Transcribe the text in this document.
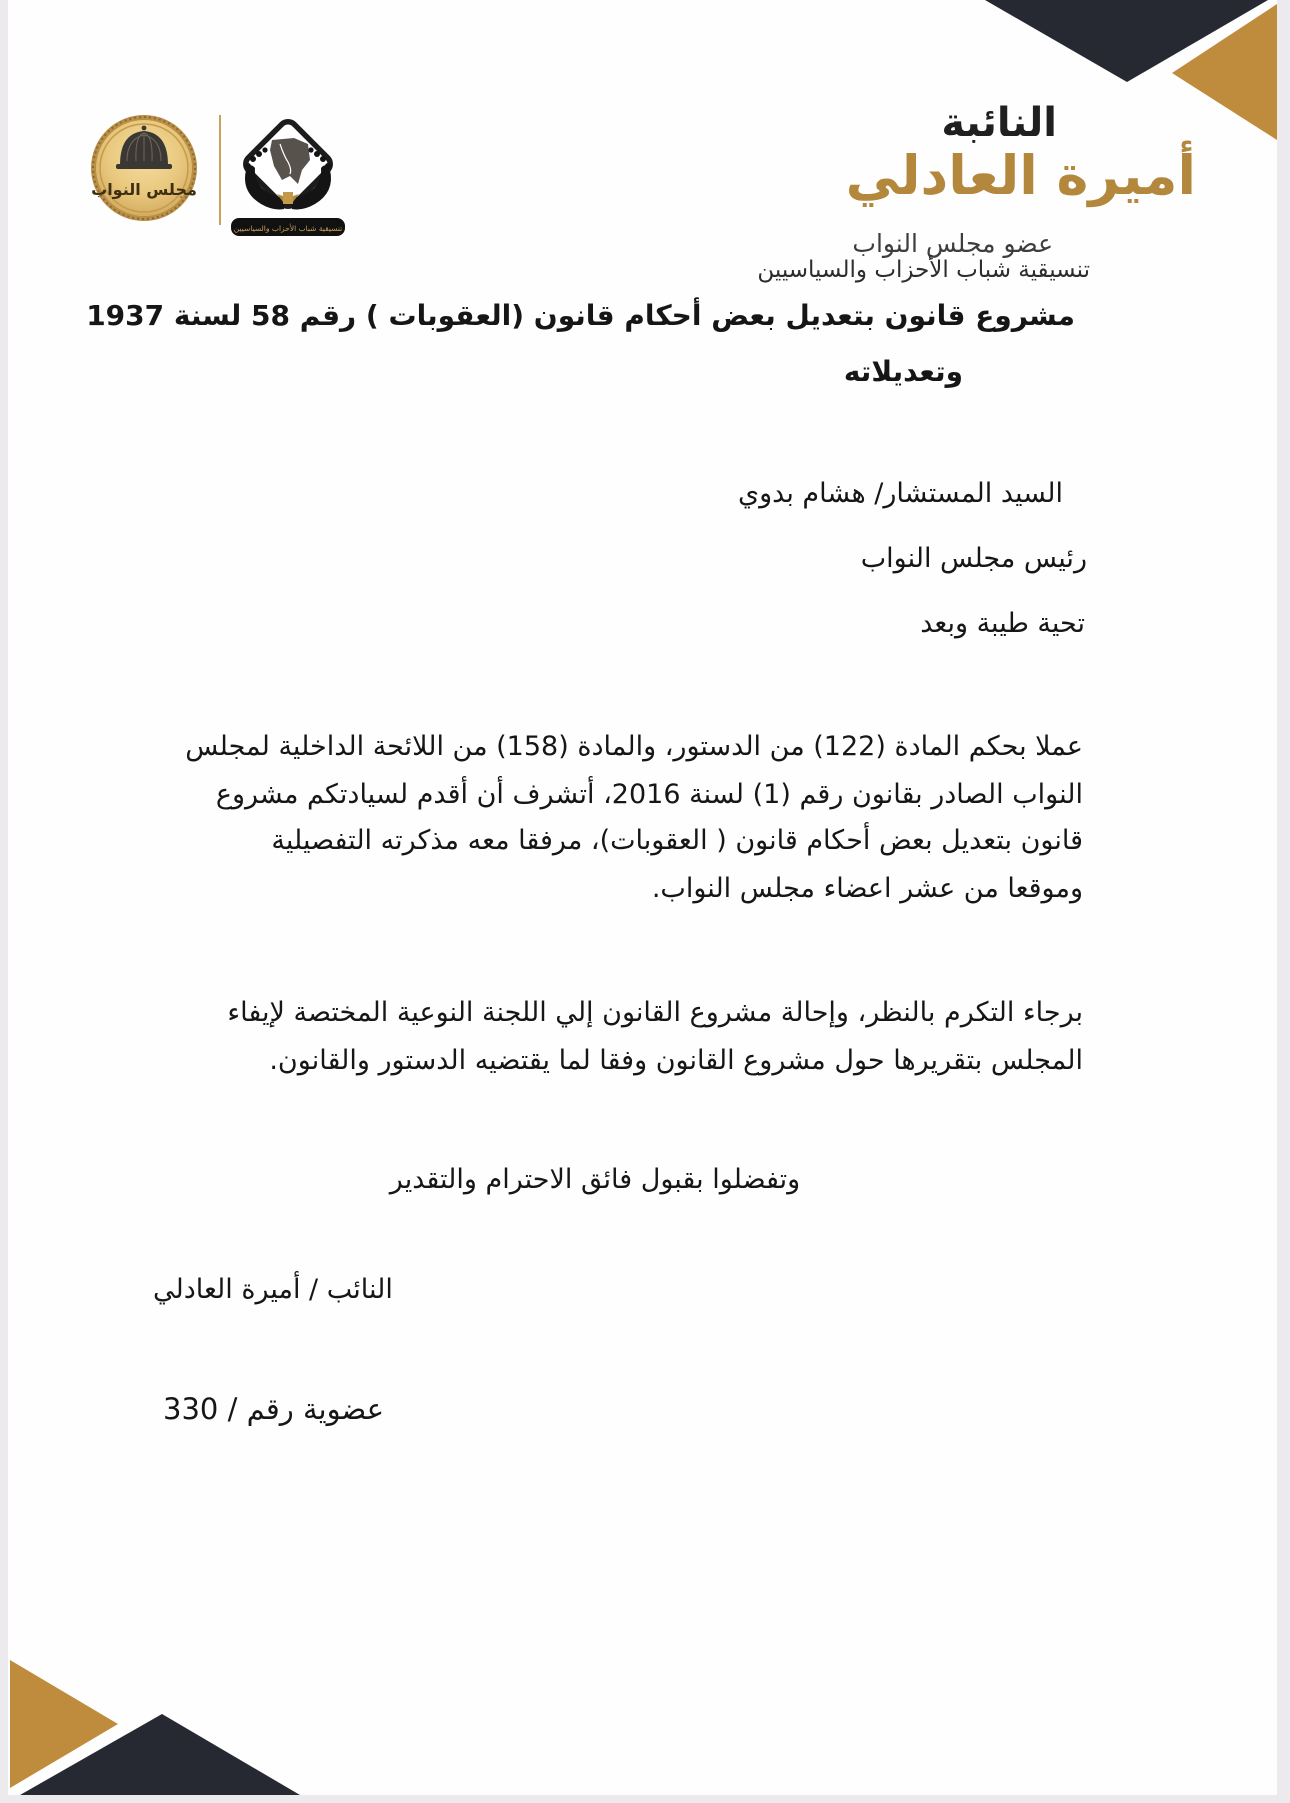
مجلس النواب
تنسيقية شباب الأحزاب والسياسيين
النائبة
أميرة العادلي
عضو مجلس النواب
تنسيقية شباب الأحزاب والسياسيين
مشروع قانون بتعديل بعض أحكام قانون (العقوبات ) رقم 58 لسنة 1937
وتعديلاته
السيد المستشار/ هشام بدوي
رئيس مجلس النواب
تحية طيبة وبعد
عملا بحكم المادة (122) من الدستور، والمادة (158) من اللائحة الداخلية لمجلس
النواب الصادر بقانون رقم (1) لسنة 2016، أتشرف أن أقدم لسيادتكم مشروع
قانون بتعديل بعض أحكام قانون ( العقوبات)، مرفقا معه مذكرته التفصيلية
وموقعا من عشر اعضاء مجلس النواب.
برجاء التكرم بالنظر، وإحالة مشروع القانون إلي اللجنة النوعية المختصة لإيفاء
المجلس بتقريرها حول مشروع القانون وفقا لما يقتضيه الدستور والقانون.
وتفضلوا بقبول فائق الاحترام والتقدير
النائب / أميرة العادلي
عضوية رقم / 330
